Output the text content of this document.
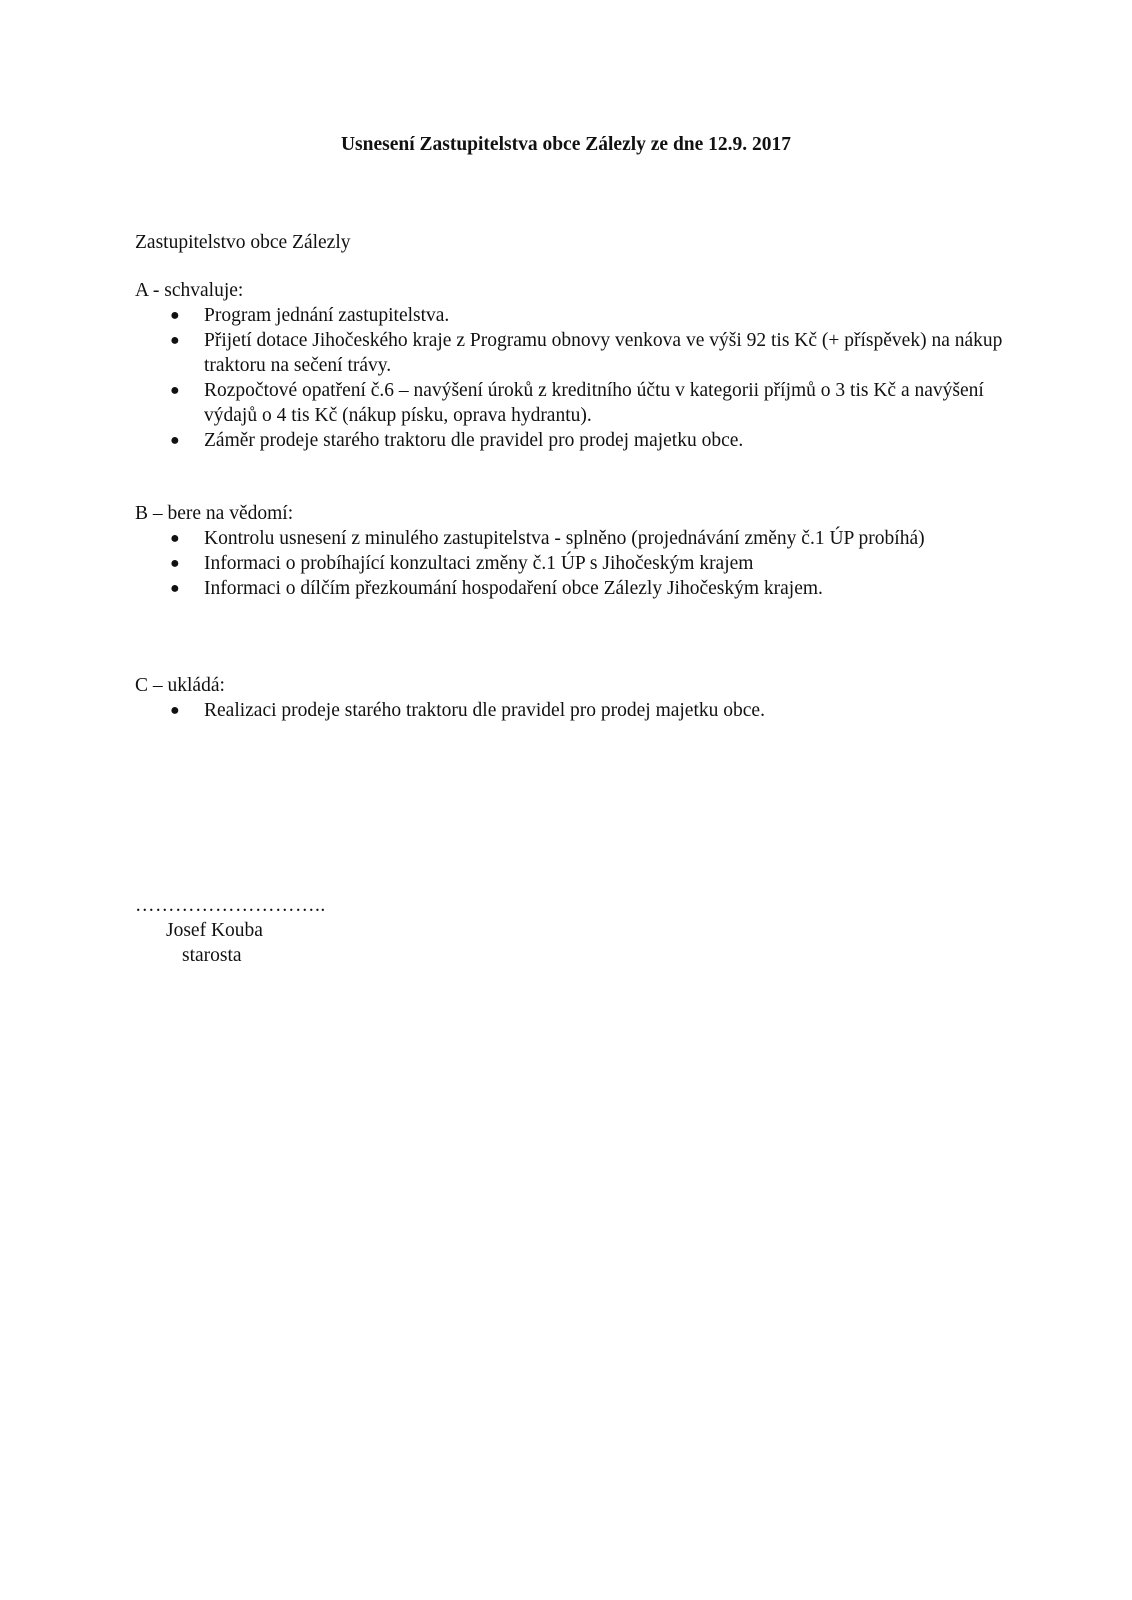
Usnesení Zastupitelstva obce Zálezly ze dne 12.9. 2017

Zastupitelstvo obce Zálezly

A - schvaluje:

● Program jednání zastupitelstva.
● Přijetí dotace Jihočeského kraje z Programu obnovy venkova ve výši 92 tis Kč (+ příspěvek) na nákup traktoru na sečení trávy.
● Rozpočtové opatření č.6 – navýšení úroků z kreditního účtu v kategorii příjmů o 3 tis Kč a navýšení výdajů o 4 tis Kč (nákup písku, oprava hydrantu).
● Záměr prodeje starého traktoru dle pravidel pro prodej majetku obce.

B – bere na vědomí:

● Kontrolu usnesení z minulého zastupitelstva - splněno (projednávání změny č.1 ÚP probíhá)
● Informaci o probíhající konzultaci změny č.1 ÚP s Jihočeským krajem
● Informaci o dílčím přezkoumání hospodaření obce Zálezly Jihočeským krajem.

C – ukládá:

● Realizaci prodeje starého traktoru dle pravidel pro prodej majetku obce.

………………………..

Josef Kouba

starosta
